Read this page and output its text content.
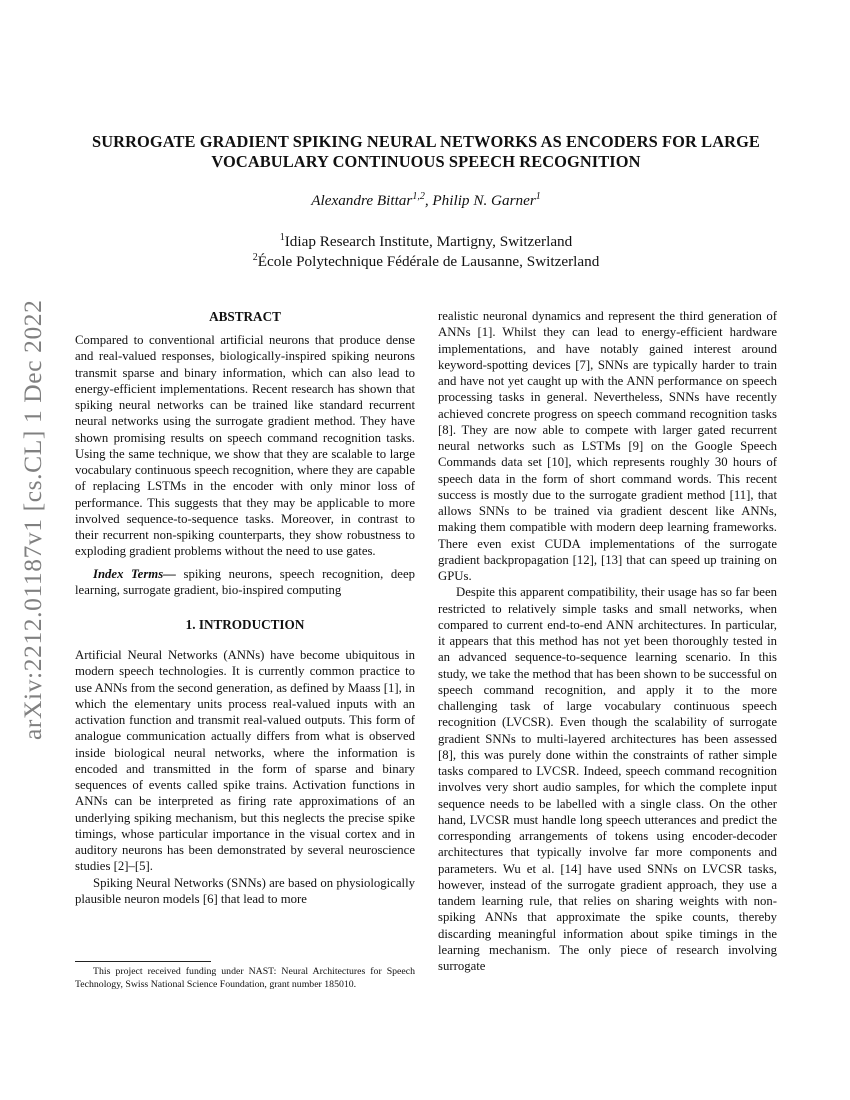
arXiv:2212.01187v1 [cs.CL] 1 Dec 2022
SURROGATE GRADIENT SPIKING NEURAL NETWORKS AS ENCODERS FOR LARGE VOCABULARY CONTINUOUS SPEECH RECOGNITION
Alexandre Bittar$^{1,2}$, Philip N. Garner$^1$
$^1$Idiap Research Institute, Martigny, Switzerland
$^2$École Polytechnique Fédérale de Lausanne, Switzerland
ABSTRACT

Compared to conventional artificial neurons that produce dense and real-valued responses, biologically-inspired spiking neurons transmit sparse and binary information, which can also lead to energy-efficient implementations. Recent research has shown that spiking neural networks can be trained like standard recurrent neural networks using the surrogate gradient method. They have shown promising results on speech command recognition tasks. Using the same technique, we show that they are scalable to large vocabulary continuous speech recognition, where they are capable of replacing LSTMs in the encoder with only minor loss of performance. This suggests that they may be applicable to more involved sequence-to-sequence tasks. Moreover, in contrast to their recurrent non-spiking counterparts, they show robustness to exploding gradient problems without the need to use gates.

Index Terms— spiking neurons, speech recognition, deep learning, surrogate gradient, bio-inspired computing

1. INTRODUCTION

Artificial Neural Networks (ANNs) have become ubiquitous in modern speech technologies. It is currently common practice to use ANNs from the second generation, as defined by Maass [1], in which the elementary units process real-valued inputs with an activation function and transmit real-valued outputs. This form of analogue communication actually differs from what is observed inside biological neural networks, where the information is encoded and transmitted in the form of sparse and binary sequences of events called spike trains. Activation functions in ANNs can be interpreted as firing rate approximations of an underlying spiking mechanism, but this neglects the precise spike timings, whose particular importance in the visual cortex and in auditory neurons has been demonstrated by several neuroscience studies [2]–[5].

Spiking Neural Networks (SNNs) are based on physiologically plausible neuron models [6] that lead to more

This project received funding under NAST: Neural Architectures for Speech Technology, Swiss National Science Foundation, grant number 185010.

realistic neuronal dynamics and represent the third generation of ANNs [1]. Whilst they can lead to energy-efficient hardware implementations, and have notably gained interest around keyword-spotting devices [7], SNNs are typically harder to train and have not yet caught up with the ANN performance on speech processing tasks in general. Nevertheless, SNNs have recently achieved concrete progress on speech command recognition tasks [8]. They are now able to compete with larger gated recurrent neural networks such as LSTMs [9] on the Google Speech Commands data set [10], which represents roughly 30 hours of speech data in the form of short command words. This recent success is mostly due to the surrogate gradient method [11], that allows SNNs to be trained via gradient descent like ANNs, making them compatible with modern deep learning frameworks. There even exist CUDA implementations of the surrogate gradient backpropagation [12], [13] that can speed up training on GPUs.

Despite this apparent compatibility, their usage has so far been restricted to relatively simple tasks and small networks, when compared to current end-to-end ANN architectures. In particular, it appears that this method has not yet been thoroughly tested in an advanced sequence-to-sequence learning scenario. In this study, we take the method that has been shown to be successful on speech command recognition, and apply it to the more challenging task of large vocabulary continuous speech recognition (LVCSR). Even though the scalability of surrogate gradient SNNs to multi-layered architectures has been assessed [8], this was purely done within the constraints of rather simple tasks compared to LVCSR. Indeed, speech command recognition involves very short audio samples, for which the complete input sequence needs to be labelled with a single class. On the other hand, LVCSR must handle long speech utterances and predict the corresponding arrangements of tokens using encoder-decoder architectures that typically involve far more components and parameters. Wu et al. [14] have used SNNs on LVCSR tasks, however, instead of the surrogate gradient approach, they use a tandem learning rule, that relies on sharing weights with non-spiking ANNs that approximate the spike counts, thereby discarding meaningful information about spike timings in the learning mechanism. The only piece of research involving surrogate
